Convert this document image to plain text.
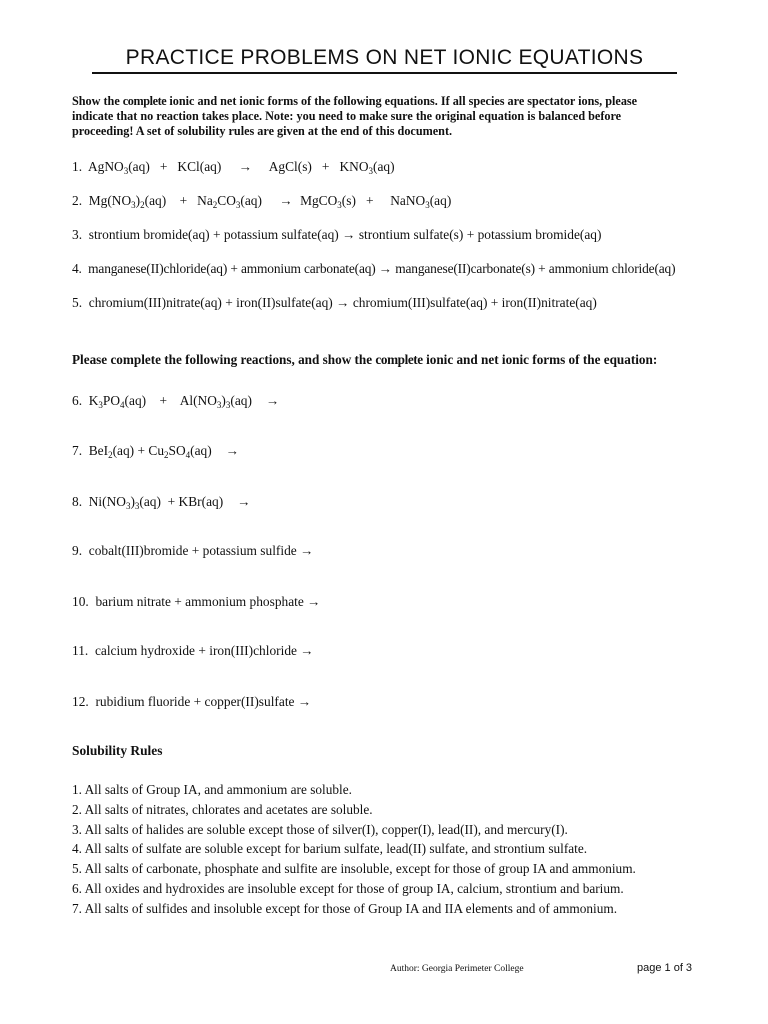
PRACTICE PROBLEMS ON NET IONIC EQUATIONS
Show the complete ionic and net ionic forms of the following equations. If all species are spectator ions, please
indicate that no reaction takes place. Note: you need to make sure the original equation is balanced before
proceeding! A set of solubility rules are given at the end of this document.
1.  AgNO$_3$(aq)   +   KCl(aq)    →    AgCl(s)   +   $KNO_3(aq)$
2.  $Mg(NO_3)_2(aq)$    +   $Na_2CO_3(aq)$    → MgCO$_3$(s)   +     NaNO$_3$(aq)
3. strontium bromide(aq) + potassium sulfate(aq) → strontium sulfate(s) + potassium bromide(aq)
4. manganese(II)chloride(aq) + ammonium carbonate(aq) → manganese(II)carbonate(s) + ammonium chloride(aq)
5. chromium(III)nitrate(aq) + iron(II)sulfate(aq) → chromium(III)sulfate(aq) + iron(II)nitrate(aq)
Please complete the following reactions, and show the complete ionic and net ionic forms of the equation:
6.  $K_3PO_4(aq)$    +    $Al(NO_3)_3(aq)$   →
7.  $BeI_2(aq) + Cu_2SO_4(aq)$   →
8.  $Ni(NO_3)_3(aq) + KBr(aq)$   →
9. cobalt(III)bromide + potassium sulfide →
10. barium nitrate + ammonium phosphate →
11. calcium hydroxide + iron(III)chloride →
12. rubidium fluoride + copper(II)sulfate →
Solubility Rules
1. All salts of Group IA, and ammonium are soluble.
2. All salts of nitrates, chlorates and acetates are soluble.
3. All salts of halides are soluble except those of silver(I), copper(I), lead(II), and mercury(I).
4. All salts of sulfate are soluble except for barium sulfate, lead(II) sulfate, and strontium sulfate.
5. All salts of carbonate, phosphate and sulfite are insoluble, except for those of group IA and ammonium.
6. All oxides and hydroxides are insoluble except for those of group IA, calcium, strontium and barium.
7. All salts of sulfides and insoluble except for those of Group IA and IIA elements and of ammonium.
Author: Georgia Perimeter College	page 1 of 3
